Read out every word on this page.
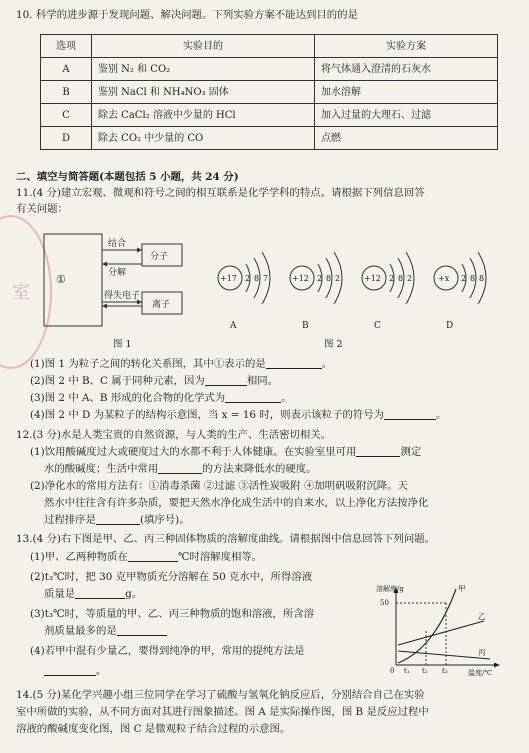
室
10. 科学的进步源于发现问题、解决问题。下列实验方案不能达到目的的是
选项	实验目的	实验方案
A	鉴别 N₂ 和 CO₂	将气体通入澄清的石灰水
B	鉴别 NaCl 和 NH₄NO₃ 固体	加水溶解
C	除去 CaCl₂ 溶液中少量的 HCl	加入过量的大理石、过滤
D	除去 CO₂ 中少量的 CO	点燃
二、填空与简答题(本题包括 5 小题，共 24 分)
11.(4 分)建立宏观、微观和符号之间的相互联系是化学学科的特点。请根据下列信息回答
有关问题：
①
结合
分解
分子
得失电子
离子
图 1
+17 2 8 7
A
+12 2 8 2
B
+12 2 8 2
C
+x 2 8 8
D
图 2
(1)图 1 为粒子之间的转化关系图，其中①表示的是	。
(2)图 2 中 B、C 属于同种元素，因为	相同。
(3)图 2 中 A、B 形成的化合物的化学式为	。
(4)图 2 中 D 为某粒子的结构示意图，当 x = 16 时，则表示该粒子的符号为	。
12.(3 分)水是人类宝贵的自然资源，与人类的生产、生活密切相关。
(1)饮用酸碱度过大或硬度过大的水都不利于人体健康。在实验室里可用	测定
水的酸碱度；生活中常用	的方法来降低水的硬度。
(2)净化水的常用方法有：①消毒杀菌 ②过滤 ③活性炭吸附 ④加明矾吸附沉降。天
然水中往往含有许多杂质，要把天然水净化成生活中的自来水，以上净化方法按净化
过程排序是	(填序号)。
13.(4 分)右下图是甲、乙、丙三种固体物质的溶解度曲线。请根据图中信息回答下列问题。
(1)甲、乙两种物质在	℃时溶解度相等。
(2)t₃℃时，把 30 克甲物质充分溶解在 50 克水中，所得溶液
质量是	g。
(3)t₃℃时，等质量的甲、乙、丙三种物质的饱和溶液，所含溶
剂质量最多的是
(4)若甲中混有少量乙，要得到纯净的甲，常用的提纯方法是
。
溶解度/g
50
甲
乙
丙
0 t₁ t₂ t₃	温度/℃
14.(5 分)某化学兴趣小组三位同学在学习了硫酸与氢氧化钠反应后，分别结合自己在实验
室中所做的实验，从不同方面对其进行图象描述。图 A 是实际操作图，图 B 是反应过程中
溶液的酸碱度变化图，图 C 是微观粒子结合过程的示意图。
